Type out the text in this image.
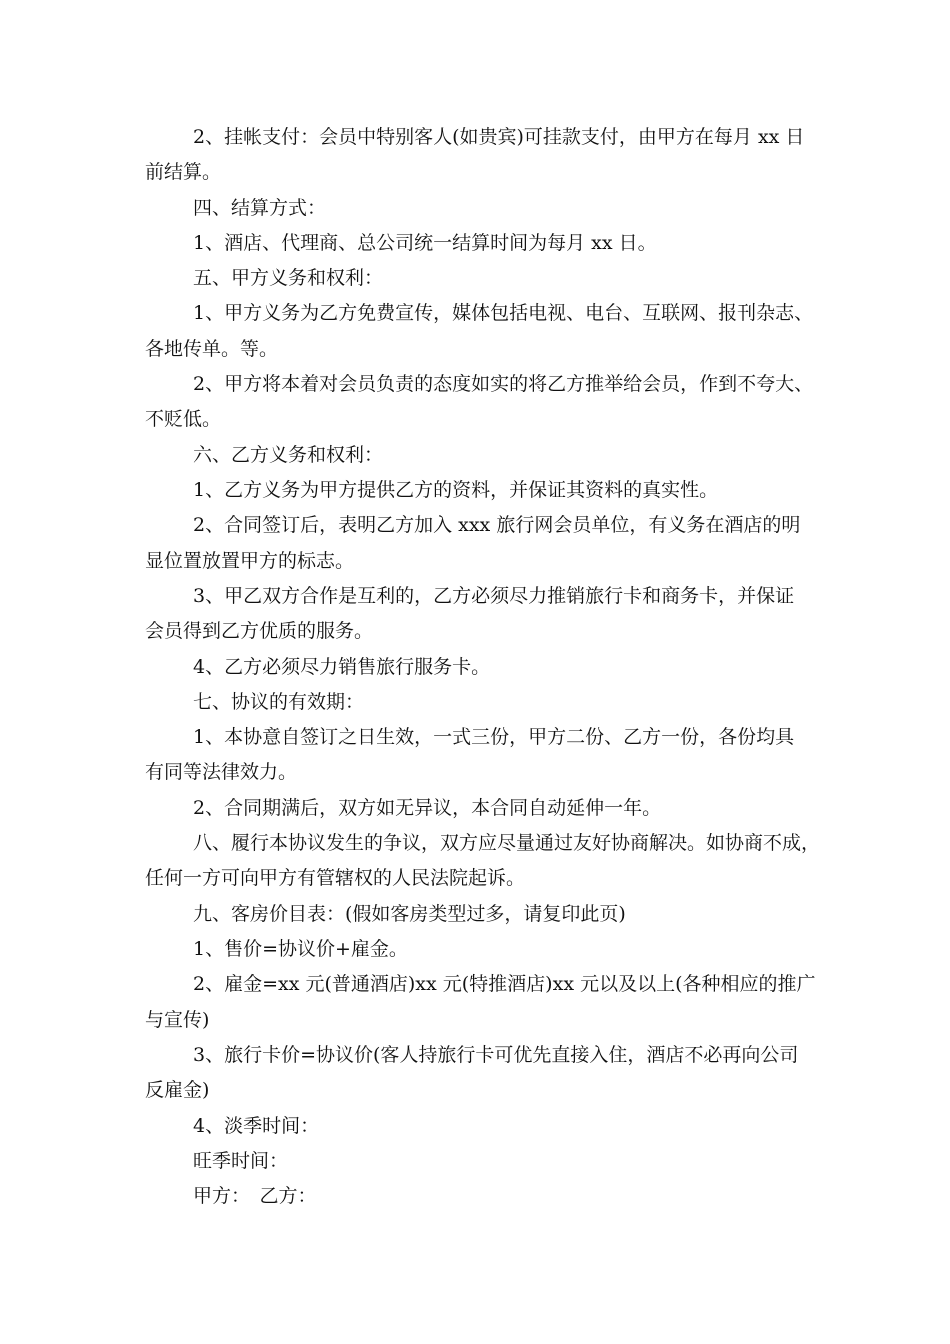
2、挂帐支付：会员中特别客人(如贵宾)可挂款支付，由甲方在每月 xx 日
前结算。
四、结算方式：
1、酒店、代理商、总公司统一结算时间为每月 xx 日。
五、甲方义务和权利：
1、甲方义务为乙方免费宣传，媒体包括电视、电台、互联网、报刊杂志、
各地传单。等。
2、甲方将本着对会员负责的态度如实的将乙方推举给会员，作到不夸大、
不贬低。
六、乙方义务和权利：
1、乙方义务为甲方提供乙方的资料，并保证其资料的真实性。
2、合同签订后，表明乙方加入 xxx 旅行网会员单位，有义务在酒店的明
显位置放置甲方的标志。
3、甲乙双方合作是互利的，乙方必须尽力推销旅行卡和商务卡，并保证
会员得到乙方优质的服务。
4、乙方必须尽力销售旅行服务卡。
七、协议的有效期：
1、本协意自签订之日生效，一式三份，甲方二份、乙方一份，各份均具
有同等法律效力。
2、合同期满后，双方如无异议，本合同自动延伸一年。
八、履行本协议发生的争议，双方应尽量通过友好协商解决。如协商不成，
任何一方可向甲方有管辖权的人民法院起诉。
九、客房价目表：(假如客房类型过多，请复印此页)
1、售价=协议价+雇金。
2、雇金=xx 元(普通酒店)xx 元(特推酒店)xx 元以及以上(各种相应的推广
与宣传)
3、旅行卡价=协议价(客人持旅行卡可优先直接入住，酒店不必再向公司
反雇金)
4、淡季时间：
旺季时间：
甲方：　乙方：
